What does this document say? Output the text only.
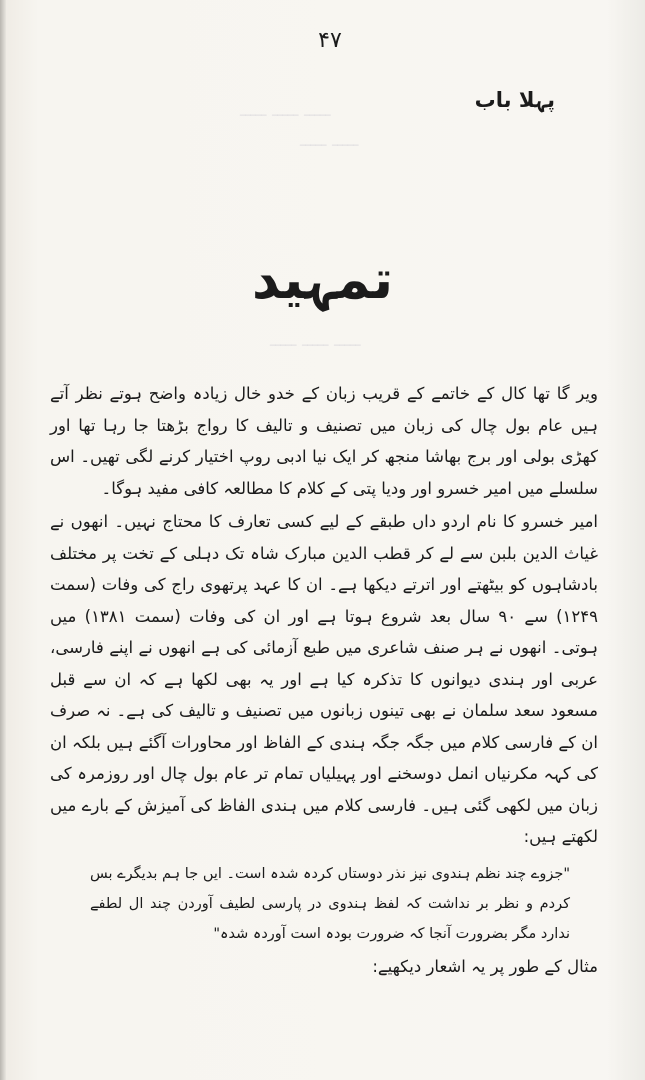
ـــــ ـــــ ـــــ
ـــــ ـــــ
ـــــ ـــــ ـــــ
۴۷
پہلا باب
تمہید

ویر گا تھا کال کے خاتمے کے قریب زبان کے خدو خال زیادہ واضح ہوتے نظر آتے ہیں عام بول چال کی زبان میں تصنیف و تالیف کا رواج بڑھتا جا رہا تھا اور کھڑی بولی اور برج بھاشا منجھ کر ایک نیا ادبی روپ اختیار کرنے لگی تھیں۔ اس سلسلے میں امیر خسرو اور ودیا پتی کے کلام کا مطالعہ کافی مفید ہوگا۔

امیر خسرو کا نام اردو داں طبقے کے لیے کسی تعارف کا محتاج نہیں۔ انھوں نے غیاث الدین بلبن سے لے کر قطب الدین مبارک شاہ تک دہلی کے تخت پر مختلف بادشاہوں کو بیٹھتے اور اترتے دیکھا ہے۔ ان کا عہد پرتھوی راج کی وفات (سمت ۱۲۴۹) سے ۹۰ سال بعد شروع ہوتا ہے اور ان کی وفات (سمت ۱۳۸۱) میں ہوتی۔ انھوں نے ہر صنف شاعری میں طبع آزمائی کی ہے انھوں نے اپنے فارسی، عربی اور ہندی دیوانوں کا تذکرہ کیا ہے اور یہ بھی لکھا ہے کہ ان سے قبل مسعود سعد سلمان نے بھی تینوں زبانوں میں تصنیف و تالیف کی ہے۔ نہ صرف ان کے فارسی کلام میں جگہ جگہ ہندی کے الفاظ اور محاورات آگئے ہیں بلکہ ان کی کہہ مکرنیاں انمل دوسخنے اور پہیلیاں تمام تر عام بول چال اور روزمرہ کی زبان میں لکھی گئی ہیں۔ فارسی کلام میں ہندی الفاظ کی آمیزش کے بارے میں لکھتے ہیں:

"جزوے چند نظم ہندوی نیز نذر دوستاں کردہ شدہ است۔ ایں جا ہم بدیگرے بس کردم و نظر بر نداشت کہ لفظ ہندوی در پارسی لطیف آوردن چند ال لطفے ندارد مگر بضرورت آنجا کہ ضرورت بودہ است آوردہ شدہ"

مثال کے طور پر یہ اشعار دیکھیے:
